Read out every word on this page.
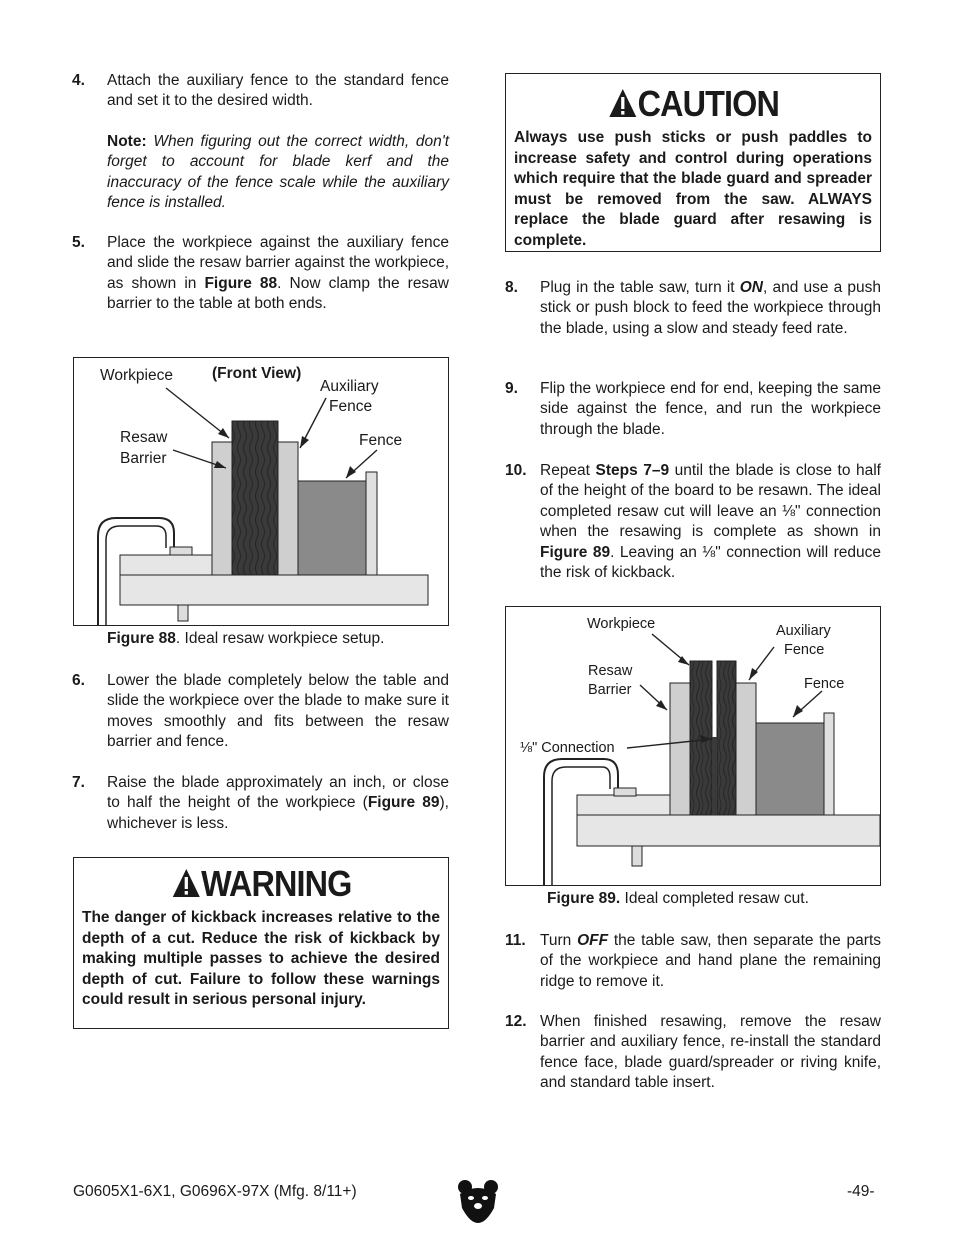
4. Attach the auxiliary fence to the standard fence and set it to the desired width.
Note: When figuring out the correct width, don't forget to account for blade kerf and the inaccuracy of the fence scale while the auxiliary fence is installed.
5. Place the workpiece against the auxiliary fence and slide the resaw barrier against the workpiece, as shown in Figure 88. Now clamp the resaw barrier to the table at both ends.
Workpiece	(Front View)
Auxiliary
Fence
Resaw
Barrier
Fence
Figure 88. Ideal resaw workpiece setup.
6. Lower the blade completely below the table and slide the workpiece over the blade to make sure it moves smoothly and fits between the resaw barrier and fence.
7. Raise the blade approximately an inch, or close to half the height of the workpiece (Figure 89), whichever is less.
WARNING
The danger of kickback increases relative to the depth of a cut. Reduce the risk of kickback by making multiple passes to achieve the desired depth of cut. Failure to follow these warnings could result in serious personal injury.
CAUTION
Always use push sticks or push paddles to increase safety and control during operations which require that the blade guard and spreader must be removed from the saw. ALWAYS replace the blade guard after resawing is complete.
8. Plug in the table saw, turn it ON, and use a push stick or push block to feed the workpiece through the blade, using a slow and steady feed rate.
9. Flip the workpiece end for end, keeping the same side against the fence, and run the workpiece through the blade.
10. Repeat Steps 7–9 until the blade is close to half of the height of the board to be resawn. The ideal completed resaw cut will leave an ⅛" connection when the resawing is complete as shown in Figure 89. Leaving an ⅛" connection will reduce the risk of kickback.
Workpiece	Auxiliary
Fence
Resaw
Barrier	Fence
⅛" Connection
Figure 89. Ideal completed resaw cut.
11. Turn OFF the table saw, then separate the parts of the workpiece and hand plane the remaining ridge to remove it.
12. When finished resawing, remove the resaw barrier and auxiliary fence, re-install the standard fence face, blade guard/spreader or riving knife, and standard table insert.
G0605X1-6X1, G0696X-97X (Mfg. 8/11+)	-49-
